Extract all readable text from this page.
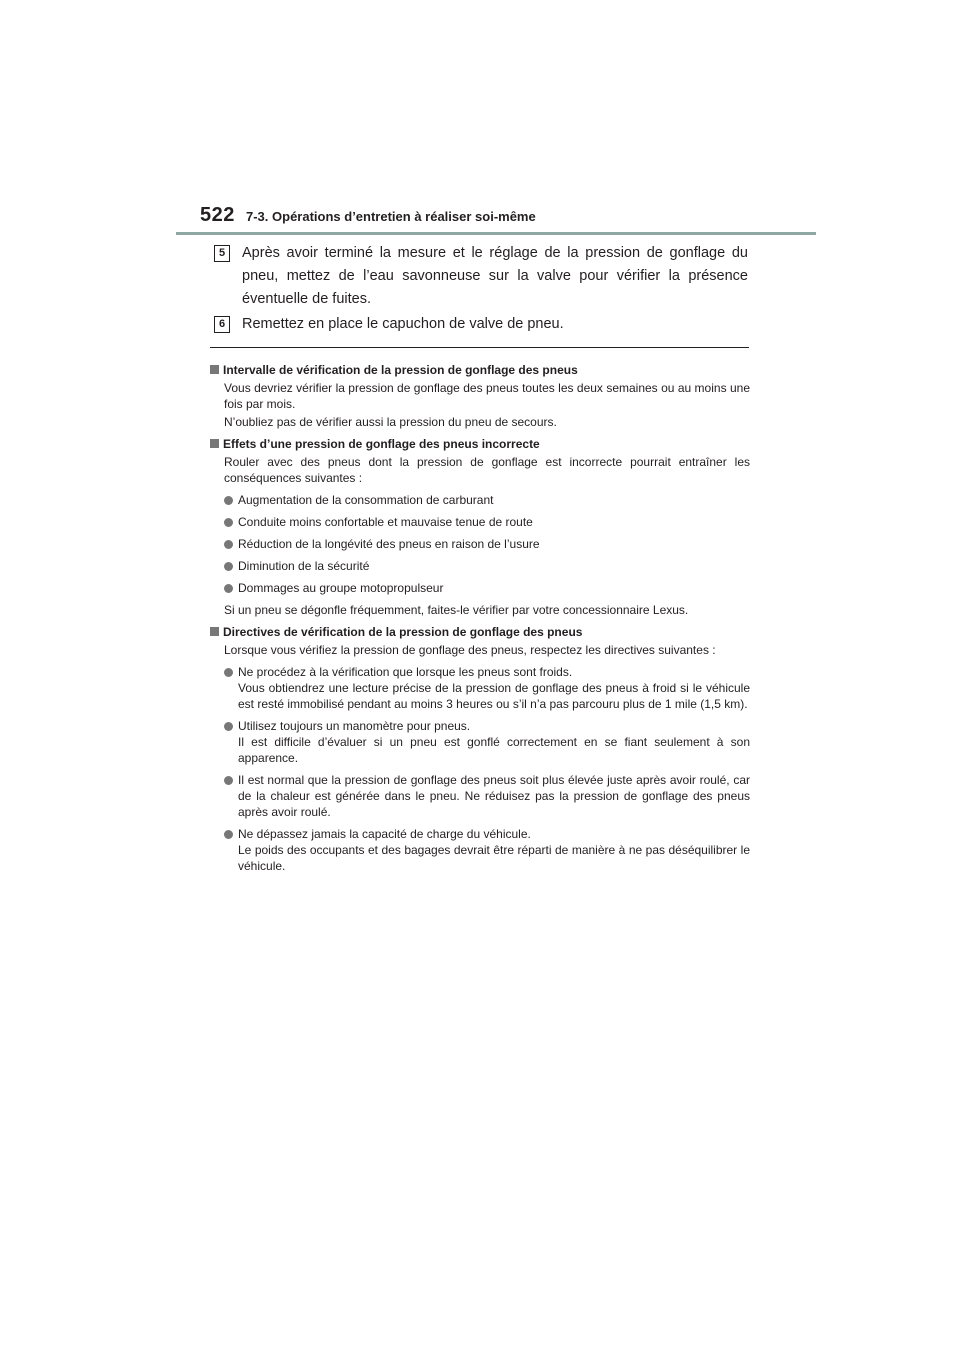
522 7-3. Opérations d’entretien à réaliser soi-même
5	Après avoir terminé la mesure et le réglage de la pression de gonflage du pneu, mettez de l’eau savonneuse sur la valve pour vérifier la présence éventuelle de fuites.
6	Remettez en place le capuchon de valve de pneu.
Intervalle de vérification de la pression de gonflage des pneus
Vous devriez vérifier la pression de gonflage des pneus toutes les deux semaines ou au moins une fois par mois.
N’oubliez pas de vérifier aussi la pression du pneu de secours.
Effets d’une pression de gonflage des pneus incorrecte
Rouler avec des pneus dont la pression de gonflage est incorrecte pourrait entraîner les conséquences suivantes :
Augmentation de la consommation de carburant
Conduite moins confortable et mauvaise tenue de route
Réduction de la longévité des pneus en raison de l’usure
Diminution de la sécurité
Dommages au groupe motopropulseur
Si un pneu se dégonfle fréquemment, faites-le vérifier par votre concessionnaire Lexus.
Directives de vérification de la pression de gonflage des pneus
Lorsque vous vérifiez la pression de gonflage des pneus, respectez les directives suivantes :
Ne procédez à la vérification que lorsque les pneus sont froids.
Vous obtiendrez une lecture précise de la pression de gonflage des pneus à froid si le véhicule est resté immobilisé pendant au moins 3 heures ou s’il n’a pas parcouru plus de 1 mile (1,5 km).
Utilisez toujours un manomètre pour pneus.
Il est difficile d’évaluer si un pneu est gonflé correctement en se fiant seulement à son apparence.
Il est normal que la pression de gonflage des pneus soit plus élevée juste après avoir roulé, car de la chaleur est générée dans le pneu. Ne réduisez pas la pression de gonflage des pneus après avoir roulé.
Ne dépassez jamais la capacité de charge du véhicule.
Le poids des occupants et des bagages devrait être réparti de manière à ne pas déséquilibrer le véhicule.
